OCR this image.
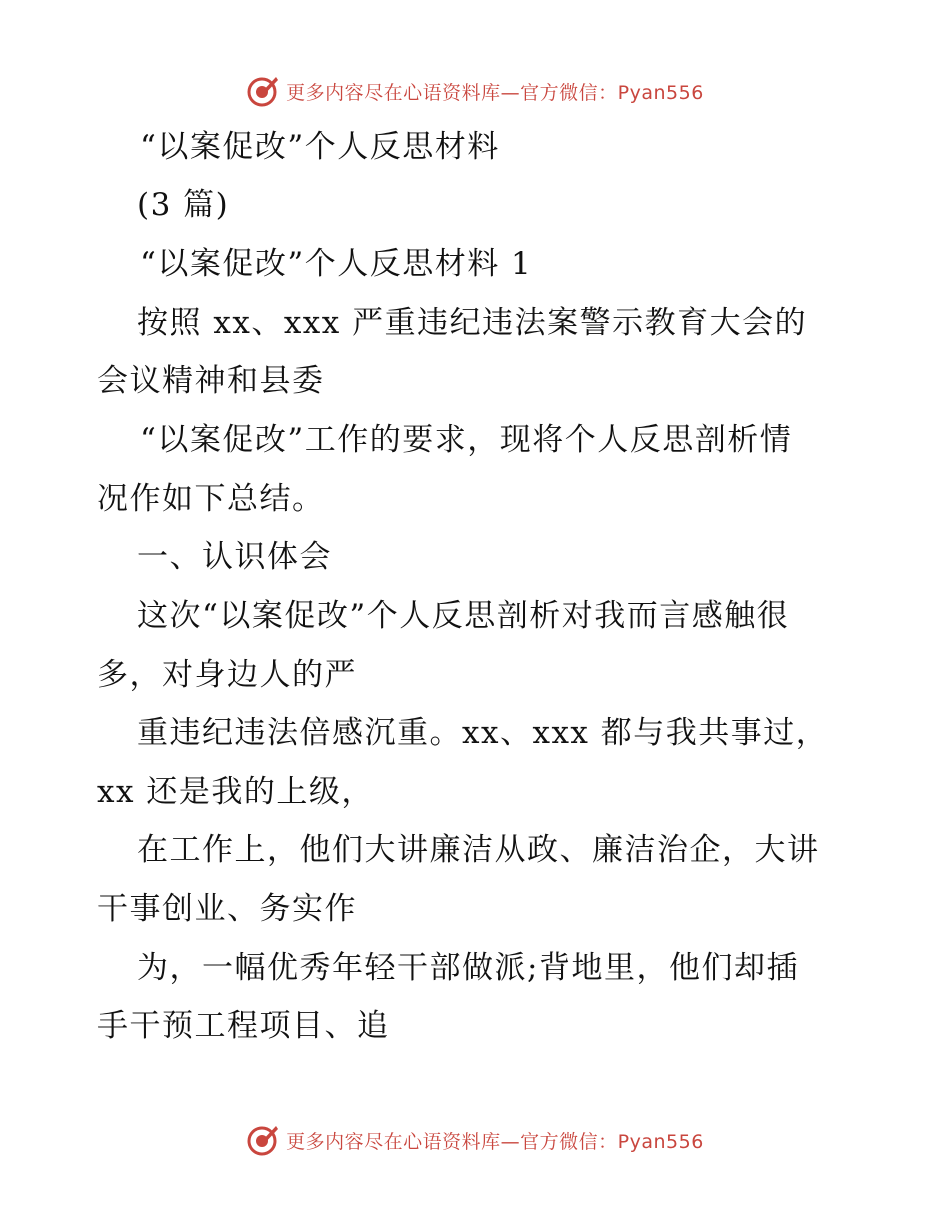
更多内容尽在心语资料库—官方微信：Pyan556
“以案促改”个人反思材料
(3 篇)
“以案促改”个人反思材料 1
按照 xx、xxx 严重违纪违法案警示教育大会的
会议精神和县委
“以案促改”工作的要求，现将个人反思剖析情
况作如下总结。
一、认识体会
这次“以案促改”个人反思剖析对我而言感触很
多，对身边人的严
重违纪违法倍感沉重。xx、xxx 都与我共事过，
xx 还是我的上级，
在工作上，他们大讲廉洁从政、廉洁治企，大讲
干事创业、务实作
为，一幅优秀年轻干部做派;背地里，他们却插
手干预工程项目、追
更多内容尽在心语资料库—官方微信：Pyan556
